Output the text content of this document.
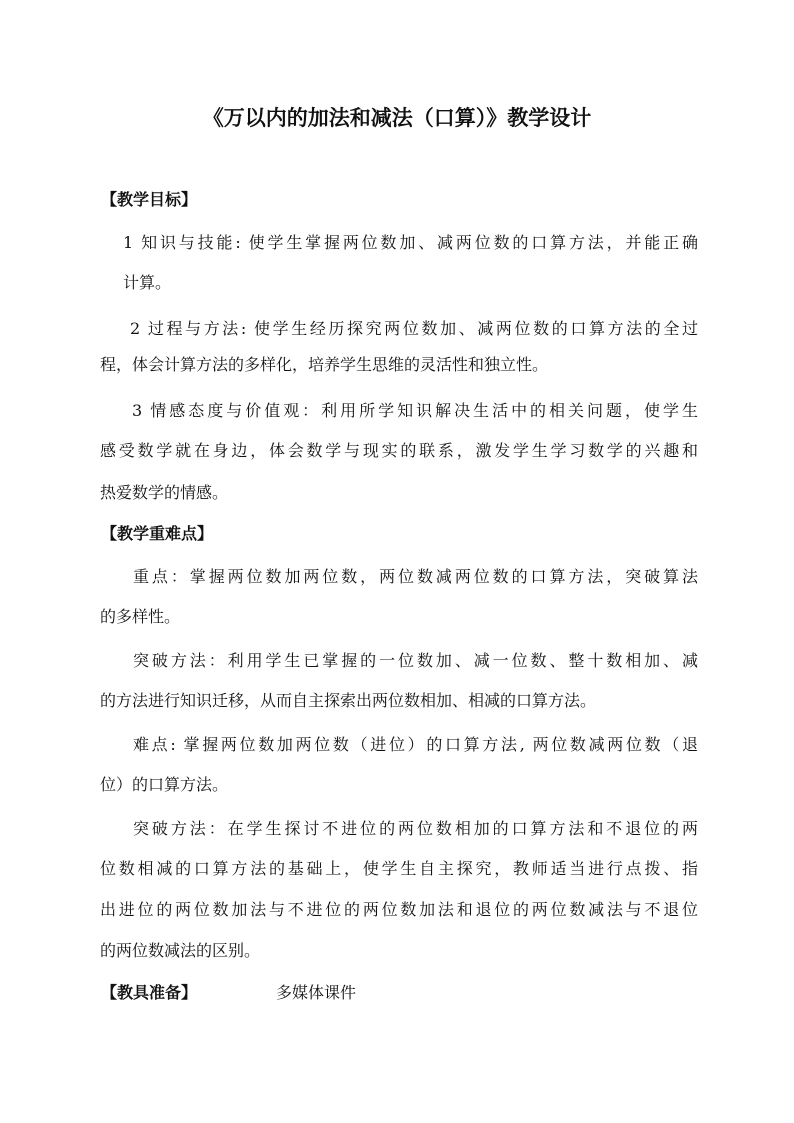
《万以内的加法和减法（口算）》教学设计
【教学目标】
1 知识与技能: 使学生掌握两位数加、减两位数的口算方法，并能正确
计算。
2 过程与方法: 使学生经历探究两位数加、减两位数的口算方法的全过
程，体会计算方法的多样化，培养学生思维的灵活性和独立性。
3 情感态度与价值观：利用所学知识解决生活中的相关问题，使学生
感受数学就在身边，体会数学与现实的联系，激发学生学习数学的兴趣和
热爱数学的情感。
【教学重难点】
重点：掌握两位数加两位数，两位数减两位数的口算方法，突破算法
的多样性。
突破方法：利用学生已掌握的一位数加、减一位数、整十数相加、减
的方法进行知识迁移，从而自主探索出两位数相加、相减的口算方法。
难点: 掌握两位数加两位数（进位）的口算方法, 两位数减两位数（退
位）的口算方法。
突破方法：在学生探讨不进位的两位数相加的口算方法和不退位的两
位数相减的口算方法的基础上，使学生自主探究，教师适当进行点拨、指
出进位的两位数加法与不进位的两位数加法和退位的两位数减法与不退位
的两位数减法的区别。
【教具准备】	多媒体课件
